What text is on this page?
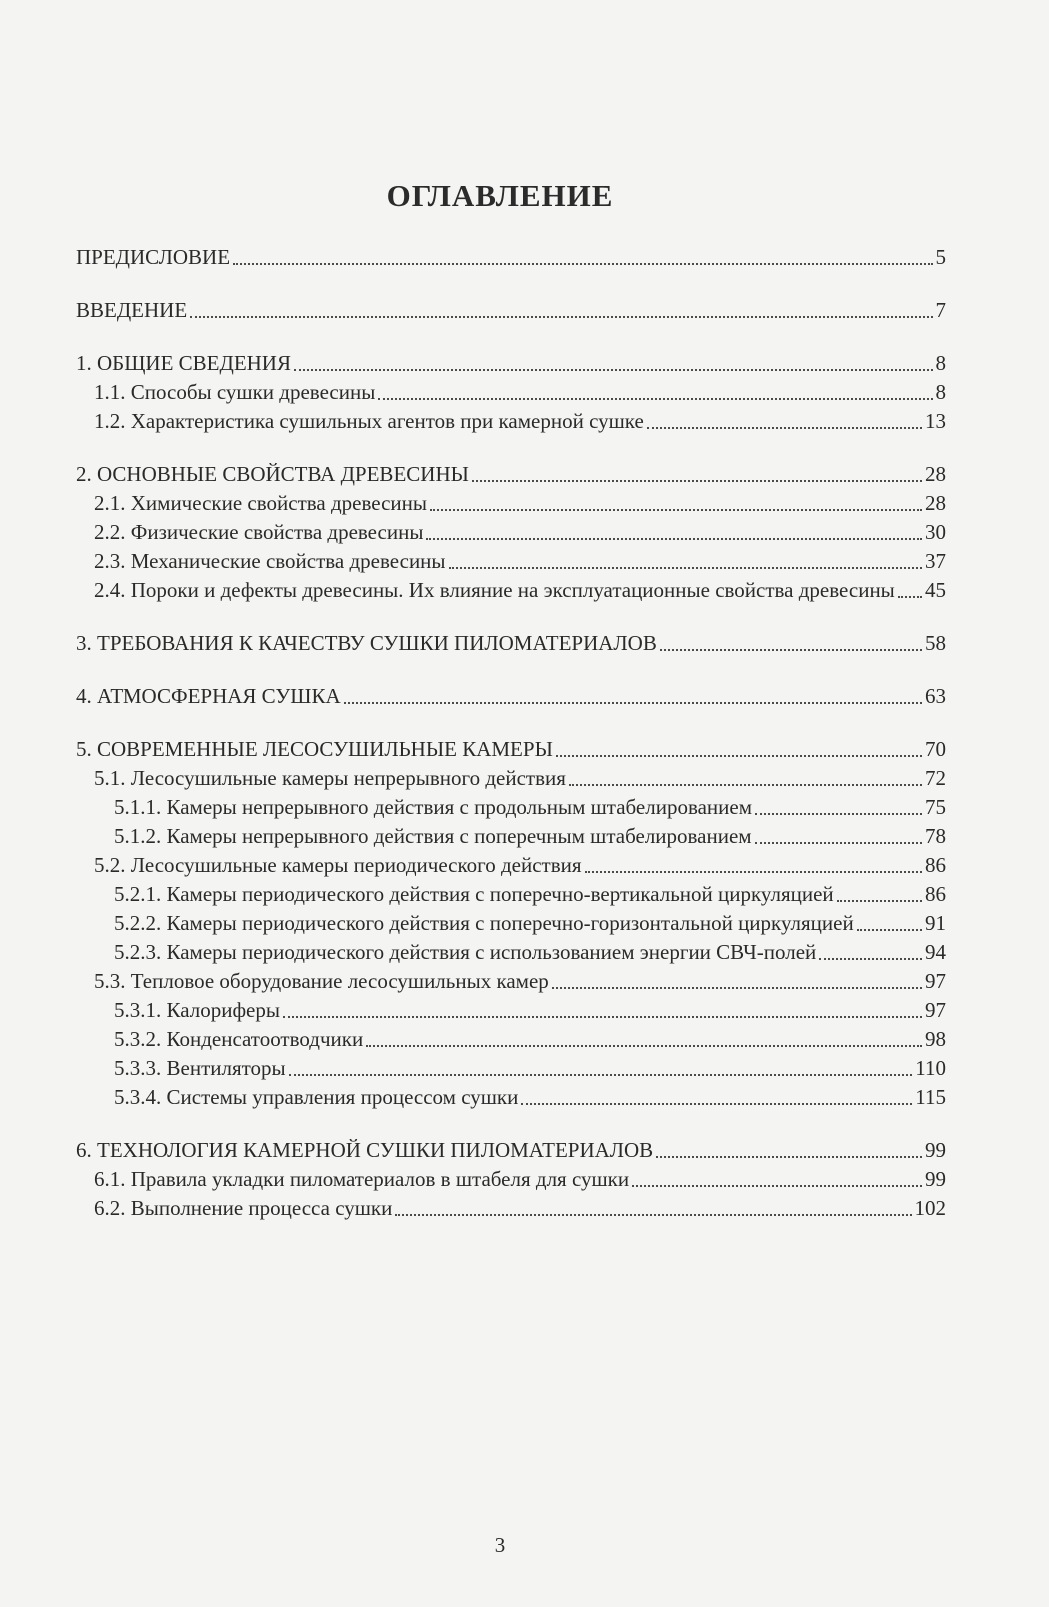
ОГЛАВЛЕНИЕ
ПРЕДИСЛОВИЕ	5
ВВЕДЕНИЕ	7
1. ОБЩИЕ СВЕДЕНИЯ	8
1.1. Способы сушки древесины	8
1.2. Характеристика сушильных агентов при камерной сушке	13
2. ОСНОВНЫЕ СВОЙСТВА ДРЕВЕСИНЫ	28
2.1. Химические свойства древесины	28
2.2. Физические свойства древесины	30
2.3. Механические свойства древесины	37
2.4. Пороки и дефекты древесины. Их влияние на эксплуатационные свойства древесины 45
3. ТРЕБОВАНИЯ К КАЧЕСТВУ СУШКИ ПИЛОМАТЕРИАЛОВ	58
4. АТМОСФЕРНАЯ СУШКА	63
5. СОВРЕМЕННЫЕ ЛЕСОСУШИЛЬНЫЕ КАМЕРЫ	70
5.1. Лесосушильные камеры непрерывного действия	72
5.1.1. Камеры непрерывного действия с продольным штабелированием	75
5.1.2. Камеры непрерывного действия с поперечным штабелированием	78
5.2. Лесосушильные камеры периодического действия	86
5.2.1. Камеры периодического действия с поперечно-вертикальной циркуляцией	86
5.2.2. Камеры периодического действия с поперечно-горизонтальной циркуляцией	91
5.2.3. Камеры периодического действия с использованием энергии СВЧ-полей	94
5.3. Тепловое оборудование лесосушильных камер	97
5.3.1. Калориферы	97
5.3.2. Конденсатоотводчики	98
5.3.3. Вентиляторы	110
5.3.4. Системы управления процессом сушки	115
6. ТЕХНОЛОГИЯ КАМЕРНОЙ СУШКИ ПИЛОМАТЕРИАЛОВ	99
6.1. Правила укладки пиломатериалов в штабеля для сушки	99
6.2. Выполнение процесса сушки	102
3
